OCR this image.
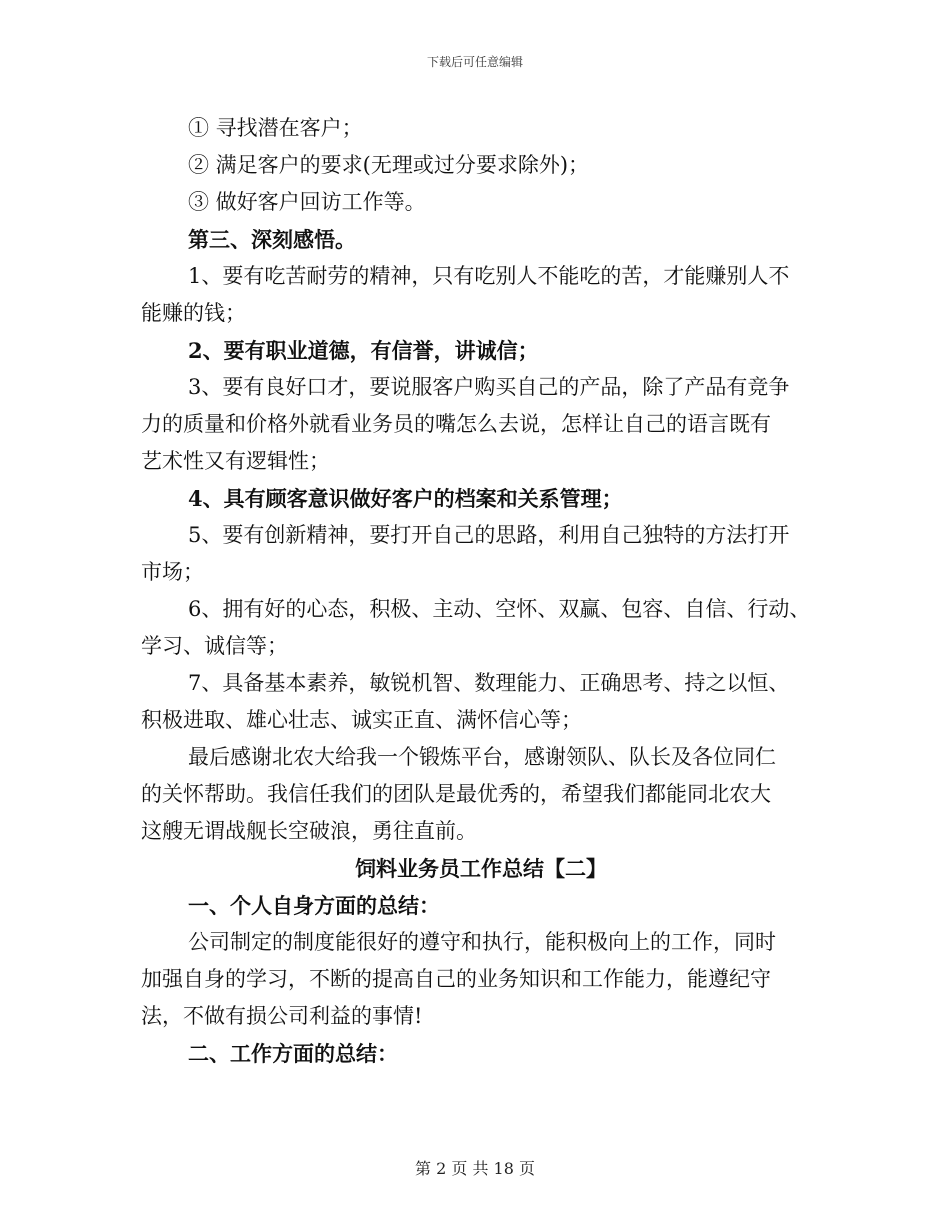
下载后可任意编辑
① 寻找潜在客户；
② 满足客户的要求(无理或过分要求除外)；
③ 做好客户回访工作等。
第三、深刻感悟。
1、要有吃苦耐劳的精神，只有吃别人不能吃的苦，才能赚别人不
能赚的钱；
2、要有职业道德，有信誉，讲诚信；
3、要有良好口才，要说服客户购买自己的产品，除了产品有竞争
力的质量和价格外就看业务员的嘴怎么去说，怎样让自己的语言既有
艺术性又有逻辑性；
4、具有顾客意识做好客户的档案和关系管理；
5、要有创新精神，要打开自己的思路，利用自己独特的方法打开
市场；
6、拥有好的心态，积极、主动、空怀、双赢、包容、自信、行动、
学习、诚信等；
7、具备基本素养，敏锐机智、数理能力、正确思考、持之以恒、
积极进取、雄心壮志、诚实正直、满怀信心等；
最后感谢北农大给我一个锻炼平台，感谢领队、队长及各位同仁
的关怀帮助。我信任我们的团队是最优秀的，希望我们都能同北农大
这艘无谓战舰长空破浪，勇往直前。
饲料业务员工作总结【二】
一、个人自身方面的总结：
公司制定的制度能很好的遵守和执行，能积极向上的工作，同时
加强自身的学习，不断的提高自己的业务知识和工作能力，能遵纪守
法，不做有损公司利益的事情!
二、工作方面的总结：
第 2 页 共 18 页
